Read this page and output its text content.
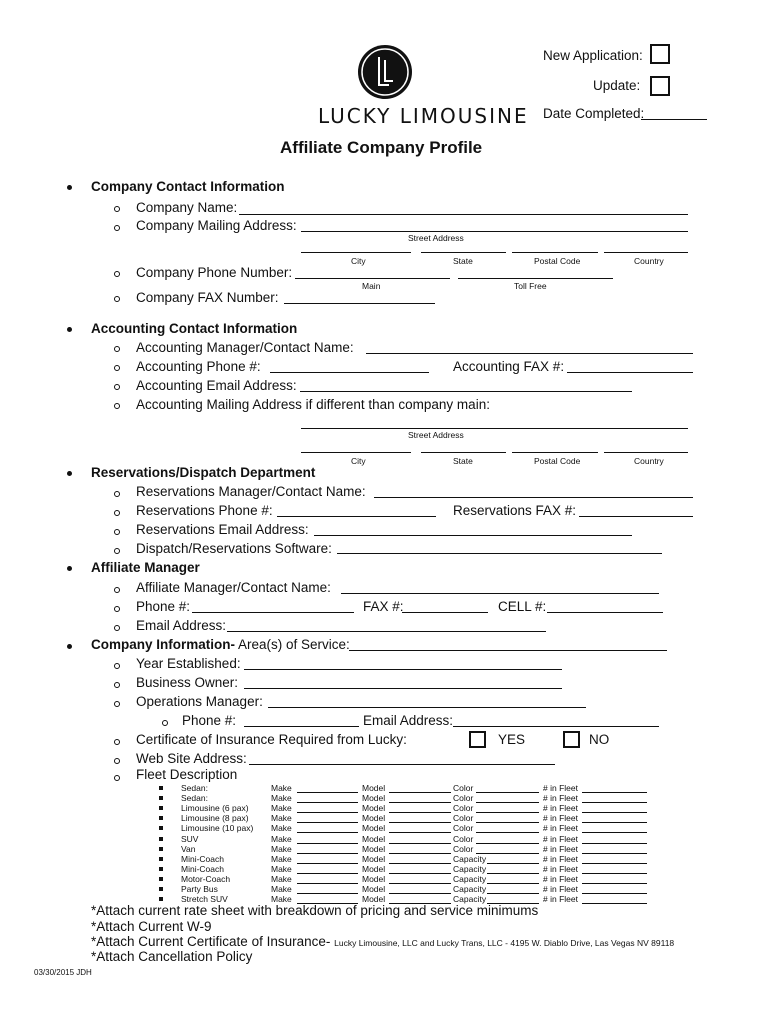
LUCKY LIMOUSINE
New Application:
Update:
Date Completed:
Affiliate Company Profile
Company Contact Information
Company Name:
Company Mailing Address:
Street Address
City	State	Postal Code	Country
Company Phone Number:
Main	Toll Free
Company FAX Number:
Accounting Contact Information
Accounting Manager/Contact Name:
Accounting Phone #:	Accounting FAX #:
Accounting Email Address:
Accounting Mailing Address if different than company main:
Street Address
City	State	Postal Code	Country
Reservations/Dispatch Department
Reservations Manager/Contact Name:
Reservations Phone #:	Reservations FAX #:
Reservations Email Address:
Dispatch/Reservations Software:
Affiliate Manager
Affiliate Manager/Contact Name:
Phone #:	FAX #:	CELL #:
Email Address:
Company Information- Area(s) of Service:
Year Established:
Business Owner:
Operations Manager:
Phone #:	Email Address:
Certificate of Insurance Required from Lucky:	YES	NO
Web Site Address:
Fleet Description
Sedan:	Make	Model	Color	# in Fleet
Sedan:	Make	Model	Color	# in Fleet
Limousine (6 pax)	Make	Model	Color	# in Fleet
Limousine (8 pax)	Make	Model	Color	# in Fleet
Limousine (10 pax) Make	Model	Color	# in Fleet
SUV	Make	Model	Color	# in Fleet
Van	Make	Model	Color	# in Fleet
Mini-Coach	Make	Model	Capacity	# in Fleet
Mini-Coach	Make	Model	Capacity	# in Fleet
Motor-Coach	Make	Model	Capacity	# in Fleet
Party Bus	Make	Model	Capacity	# in Fleet
Stretch SUV	Make	Model	Capacity	# in Fleet
*Attach current rate sheet with breakdown of pricing and service minimums
*Attach Current W-9
*Attach Current Certificate of Insurance- Lucky Limousine, LLC and Lucky Trans, LLC - 4195 W. Diablo Drive, Las Vegas NV 89118
*Attach Cancellation Policy
03/30/2015 JDH
